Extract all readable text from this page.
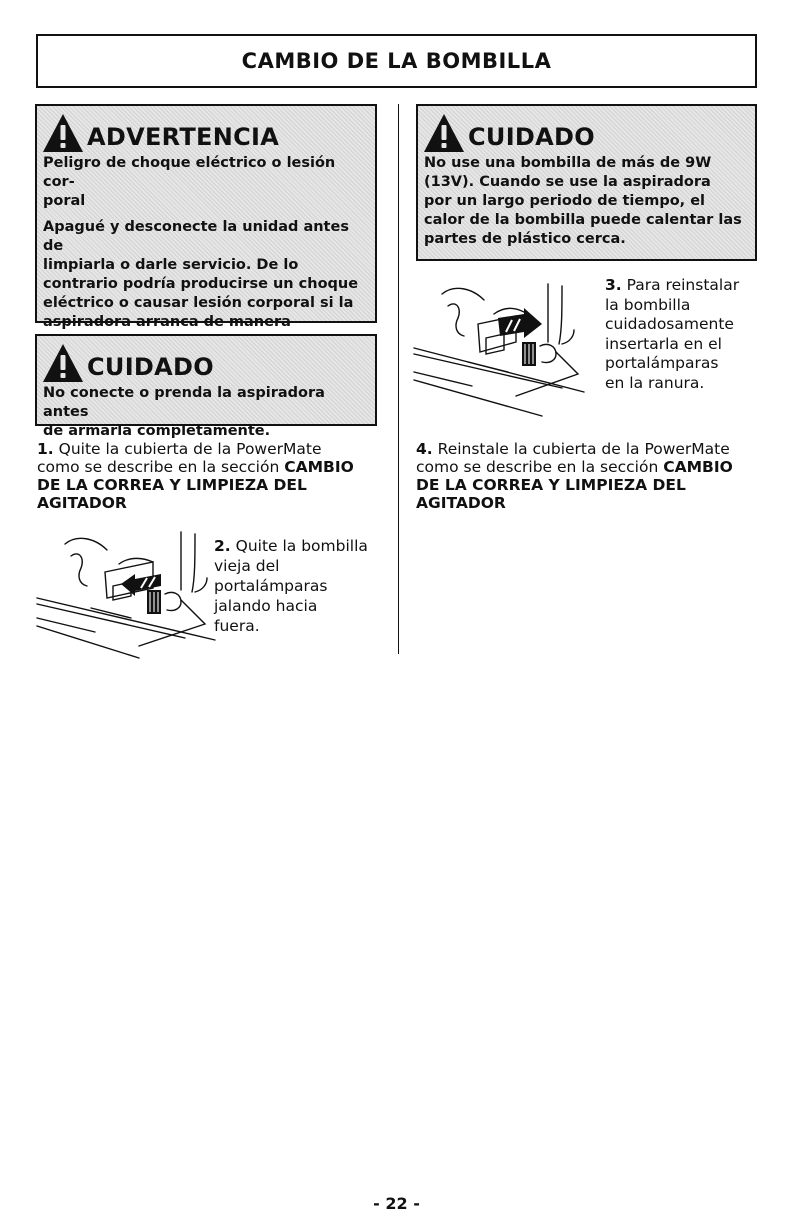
CAMBIO DE LA BOMBILLA
ADVERTENCIA

Peligro de choque eléctrico o lesión cor-
poral

Apagué y desconecte la unidad antes de
limpiarla o darle servicio. De lo
contrario podría producirse un choque
eléctrico o causar lesión corporal si la
aspiradora arranca de manera

CUIDADO
No conecte o prenda la aspiradora antes
de armarla completamente.
1. Quite la cubierta de la PowerMate
como se describe en la sección CAMBIO
DE LA CORREA Y LIMPIEZA DEL
AGITADOR
2. Quite la bombilla
vieja del
portalámparas
jalando hacia
fuera.
CUIDADO
No use una bombilla de más de 9W
(13V). Cuando se use la aspiradora
por un largo periodo de tiempo, el
calor de la bombilla puede calentar las
partes de plástico cerca.
3. Para reinstalar
la bombilla
cuidadosamente
insertarla en el
portalámparas
en la ranura.
4. Reinstale la cubierta de la PowerMate
como se describe en la sección CAMBIO
DE LA CORREA Y LIMPIEZA DEL
AGITADOR
- 22 -
